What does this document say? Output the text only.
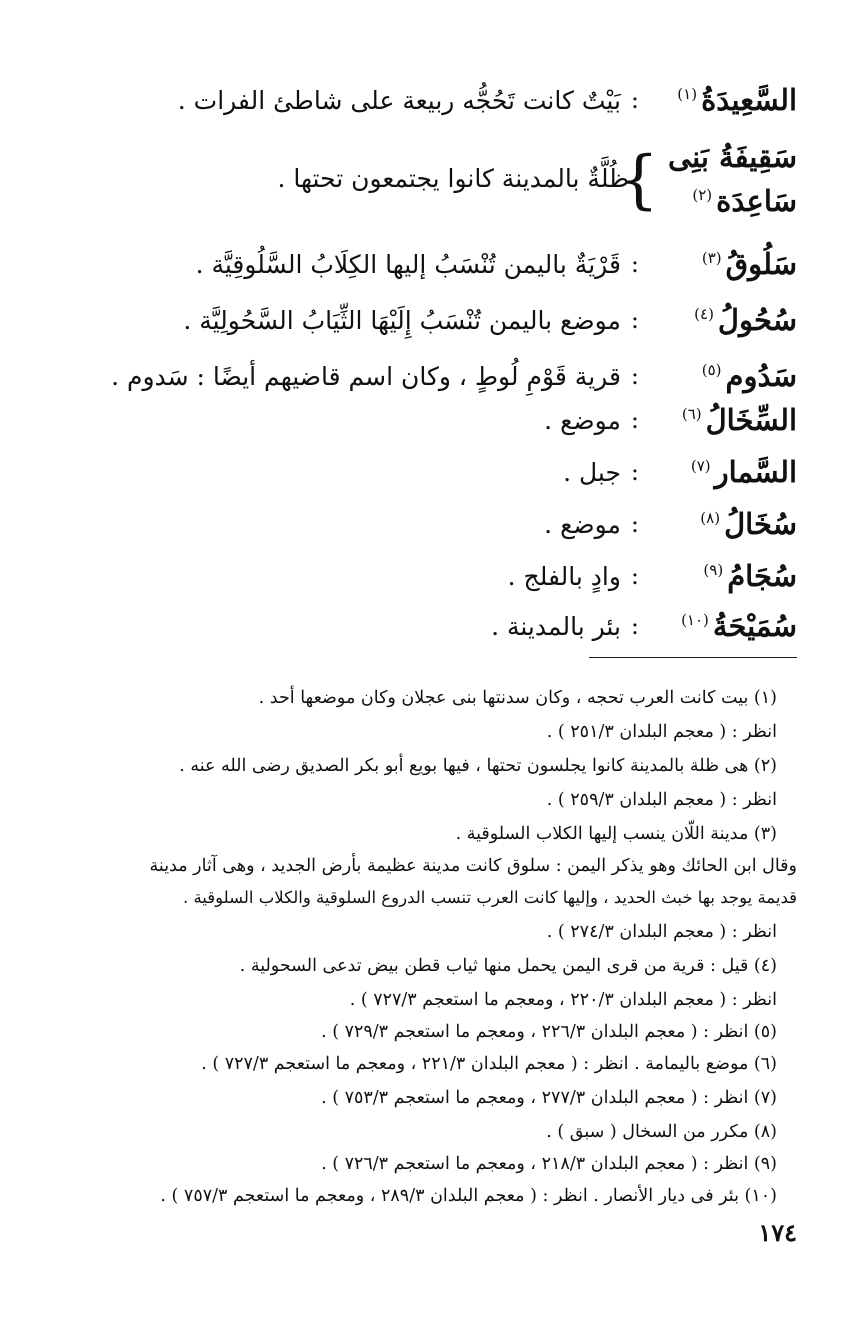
السَّعِيدَةُ$^{(١)}$
:
بَيْتٌ كانت تَحُجُّه ربيعة على شاطئ الفرات .
سَقِيفَةُ بَنِى
سَاعِدَة$^{(٢)}$
}
ظُلَّةٌ بالمدينة كانوا يجتمعون تحتها .
سَلُوقُ$^{(٣)}$
:
قَرْيَةٌ باليمن تُنْسَبُ إليها الكِلَابُ السَّلُوقِيَّة .
سُحُولُ$^{(٤)}$
:
موضع باليمن تُنْسَبُ إِلَيْهَا الثِّيَابُ السَّحُولِيَّة .
سَدُوم$^{(٥)}$
:
قرية قَوْمِ لُوطٍ ، وكان اسم قاضيهم أيضًا : سَدوم .
السِّخَالُ$^{(٦)}$
:
موضع .
السَّمار$^{(٧)}$
:
جبل .
سُخَالُ$^{(٨)}$
:
موضع .
سُجَامُ$^{(٩)}$
:
وادٍ بالفلج .
سُمَيْحَةُ$^{(١٠)}$
:
بئر بالمدينة .
(١) بيت كانت العرب تحجه ، وكان سدنتها بنى عجلان وكان موضعها أحد .
انظر : ( معجم البلدان ٢٥١/٣ ) .
(٢) هى ظلة بالمدينة كانوا يجلسون تحتها ، فيها بويع أبو بكر الصديق رضى الله عنه .
انظر : ( معجم البلدان ٢٥٩/٣ ) .
(٣) مدينة اللّان ينسب إليها الكلاب السلوقية .
وقال ابن الحائك وهو يذكر اليمن : سلوق كانت مدينة عظيمة بأرض الجديد ، وهى آثار مدينة
قديمة يوجد بها خبث الحديد ، وإليها كانت العرب تنسب الدروع السلوقية والكلاب السلوقية .
انظر : ( معجم البلدان ٢٧٤/٣ ) .
(٤) قيل : قرية من قرى اليمن يحمل منها ثياب قطن بيض تدعى السحولية .
انظر : ( معجم البلدان ٢٢٠/٣ ، ومعجم ما استعجم ٧٢٧/٣ ) .
(٥) انظر : ( معجم البلدان ٢٢٦/٣ ، ومعجم ما استعجم ٧٢٩/٣ ) .
(٦) موضع باليمامة . انظر : ( معجم البلدان ٢٢١/٣ ، ومعجم ما استعجم ٧٢٧/٣ ) .
(٧) انظر : ( معجم البلدان ٢٧٧/٣ ، ومعجم ما استعجم ٧٥٣/٣ ) .
(٨) مكرر من السخال ( سبق ) .
(٩) انظر : ( معجم البلدان ٢١٨/٣ ، ومعجم ما استعجم ٧٢٦/٣ ) .
(١٠) بئر فى ديار الأنصار . انظر : ( معجم البلدان ٢٨٩/٣ ، ومعجم ما استعجم ٧٥٧/٣ ) .
١٧٤
